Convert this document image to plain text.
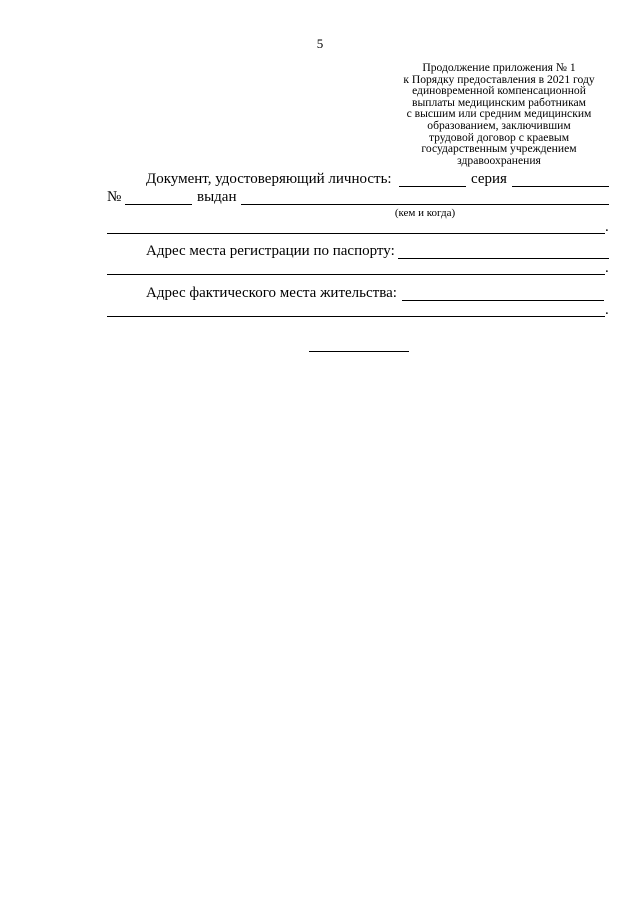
5
Продолжение приложения № 1
к Порядку предоставления в 2021 году
единовременной компенсационной
выплаты медицинским работникам
с высшим или средним медицинским
образованием, заключившим
трудовой договор с краевым
государственным учреждением
здравоохранения
Документ, удостоверяющий личность:	серия
№	выдан
(кем и когда)
.
Адрес места регистрации по паспорту:
.
Адрес фактического места жительства:
.
